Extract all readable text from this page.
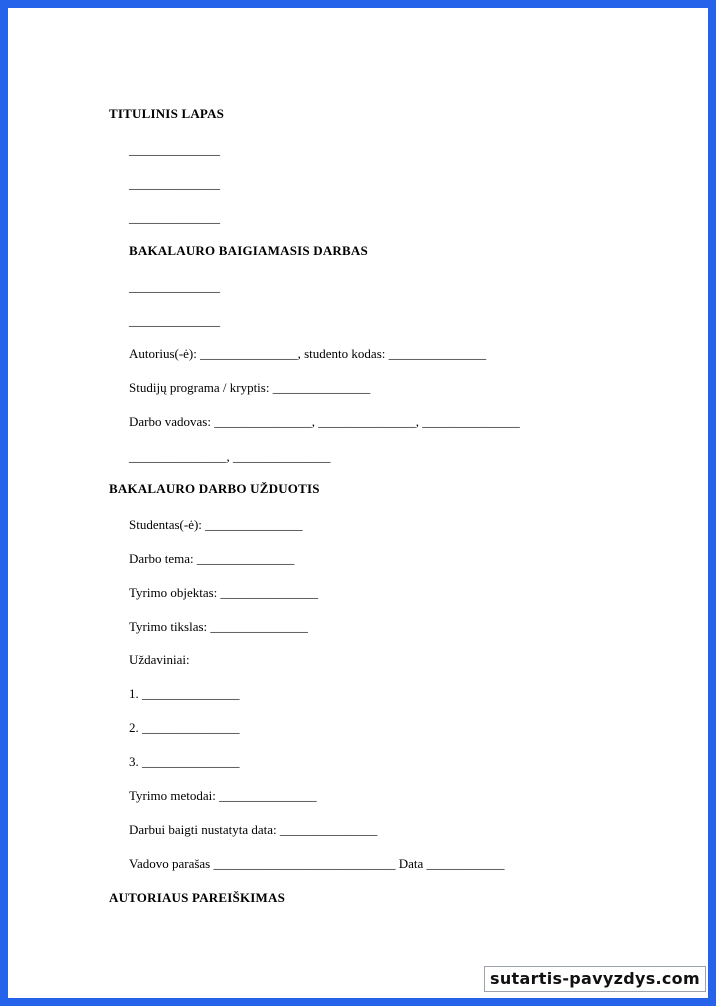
TITULINIS LAPAS
______________
______________
______________
BAKALAURO BAIGIAMASIS DARBAS
______________
______________
Autorius(-ė): _______________, studento kodas: _______________
Studijų programa / kryptis: _______________
Darbo vadovas: _______________, _______________, _______________
_______________, _______________
BAKALAURO DARBO UŽDUOTIS
Studentas(-ė): _______________
Darbo tema: _______________
Tyrimo objektas: _______________
Tyrimo tikslas: _______________
Uždaviniai:
1. _______________
2. _______________
3. _______________
Tyrimo metodai: _______________
Darbui baigti nustatyta data: _______________
Vadovo parašas ____________________________ Data ____________
AUTORIAUS PAREIŠKIMAS
sutartis-pavyzdys.com
